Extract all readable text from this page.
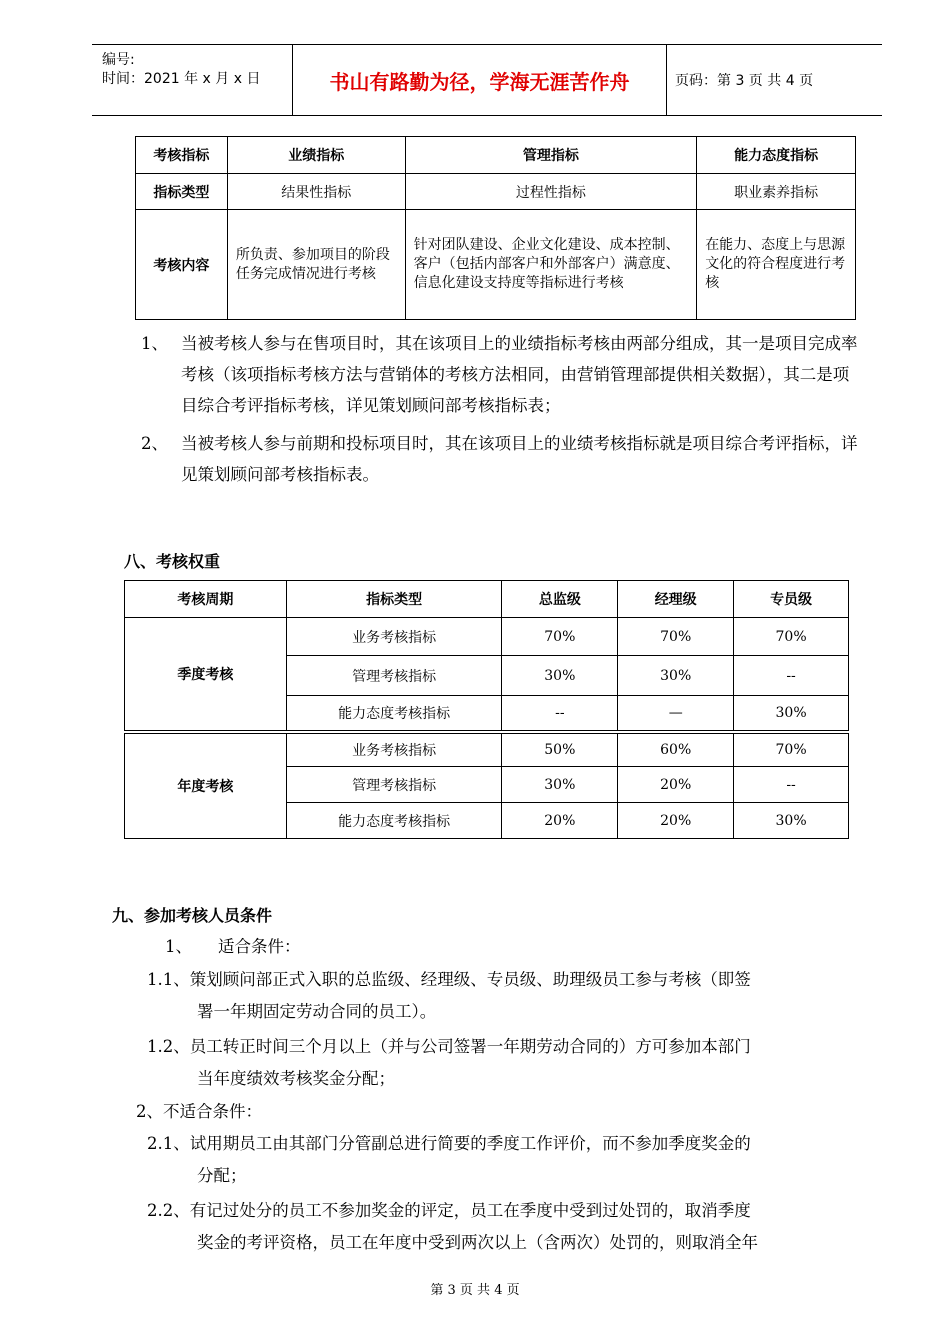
编号:
时间：2021 年 x 月 x 日	书山有路勤为径，学海无涯苦作舟	页码：第 3 页 共 4 页
考核指标	业绩指标	管理指标	能力态度指标
指标类型	结果性指标	过程性指标	职业素养指标
考核内容	所负责、参加项目的阶段任务完成情况进行考核	针对团队建设、企业文化建设、成本控制、客户（包括内部客户和外部客户）满意度、信息化建设支持度等指标进行考核	在能力、态度上与思源文化的符合程度进行考核
1、 当被考核人参与在售项目时，其在该项目上的业绩指标考核由两部分组成，其一是项目完成率考核（该项指标考核方法与营销体的考核方法相同，由营销管理部提供相关数据），其二是项目综合考评指标考核，详见策划顾问部考核指标表；
2、 当被考核人参与前期和投标项目时，其在该项目上的业绩考核指标就是项目综合考评指标，详见策划顾问部考核指标表。
八、考核权重
考核周期	指标类型	总监级	经理级	专员级
季度考核	业务考核指标	70%	70%	70%
	管理考核指标	30%	30%	--
	能力态度考核指标	--	—	30%
年度考核	业务考核指标	50%	60%	70%
	管理考核指标	30%	20%	--
	能力态度考核指标	20%	20%	30%
九、参加考核人员条件
1、 适合条件：
1.1、策划顾问部正式入职的总监级、经理级、专员级、助理级员工参与考核（即签
署一年期固定劳动合同的员工）。
1.2、员工转正时间三个月以上（并与公司签署一年期劳动合同的）方可参加本部门
当年度绩效考核奖金分配；
2、不适合条件：
2.1、试用期员工由其部门分管副总进行简要的季度工作评价，而不参加季度奖金的
分配；
2.2、有记过处分的员工不参加奖金的评定，员工在季度中受到过处罚的，取消季度
奖金的考评资格，员工在年度中受到两次以上（含两次）处罚的，则取消全年
第 3 页 共 4 页
